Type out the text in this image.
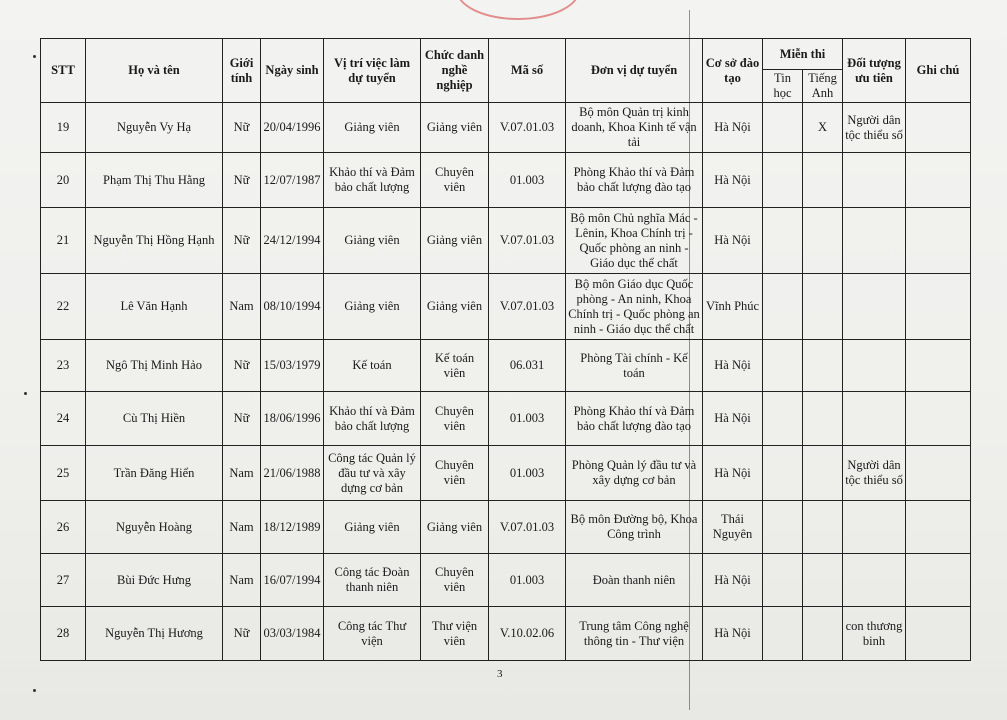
STT	Họ và tên	Giới tính	Ngày sinh	Vị trí việc làm dự tuyển	Chức danh nghề nghiệp	Mã số	Đơn vị dự tuyển	Cơ sở đào tạo	Miễn thi		Đối tượng ưu tiên	Ghi chú
									Tin học	Tiếng Anh		
19	Nguyễn Vy Hạ	Nữ	20/04/1996	Giảng viên	Giảng viên	V.07.01.03	Bộ môn Quản trị kinh doanh, Khoa Kinh tế vận tải	Hà Nội		X	Người dân tộc thiểu số	
20	Phạm Thị Thu Hằng	Nữ	12/07/1987	Khảo thí và Đảm bảo chất lượng	Chuyên viên	01.003	Phòng Khảo thí và Đảm bảo chất lượng đào tạo	Hà Nội				
21	Nguyễn Thị Hồng Hạnh	Nữ	24/12/1994	Giảng viên	Giảng viên	V.07.01.03	Bộ môn Chủ nghĩa Mác - Lênin, Khoa Chính trị - Quốc phòng an ninh - Giáo dục thể chất	Hà Nội				
22	Lê Văn Hạnh	Nam	08/10/1994	Giảng viên	Giảng viên	V.07.01.03	Bộ môn Giáo dục Quốc phòng - An ninh, Khoa Chính trị - Quốc phòng an ninh - Giáo dục thể chất	Vĩnh Phúc				
23	Ngô Thị Minh Hảo	Nữ	15/03/1979	Kế toán	Kế toán viên	06.031	Phòng Tài chính - Kế toán	Hà Nội				
24	Cù Thị Hiền	Nữ	18/06/1996	Khảo thí và Đảm bảo chất lượng	Chuyên viên	01.003	Phòng Khảo thí và Đảm bảo chất lượng đào tạo	Hà Nội				
25	Trần Đăng Hiển	Nam	21/06/1988	Công tác Quản lý đầu tư và xây dựng cơ bản	Chuyên viên	01.003	Phòng Quản lý đầu tư và xây dựng cơ bản	Hà Nội			Người dân tộc thiểu số	
26	Nguyễn Hoàng	Nam	18/12/1989	Giảng viên	Giảng viên	V.07.01.03	Bộ môn Đường bộ, Khoa Công trình	Thái Nguyên				
27	Bùi Đức Hưng	Nam	16/07/1994	Công tác Đoàn thanh niên	Chuyên viên	01.003	Đoàn thanh niên	Hà Nội				
28	Nguyễn Thị Hương	Nữ	03/03/1984	Công tác Thư viện	Thư viện viên	V.10.02.06	Trung tâm Công nghệ thông tin - Thư viện	Hà Nội			con thương binh	
3
